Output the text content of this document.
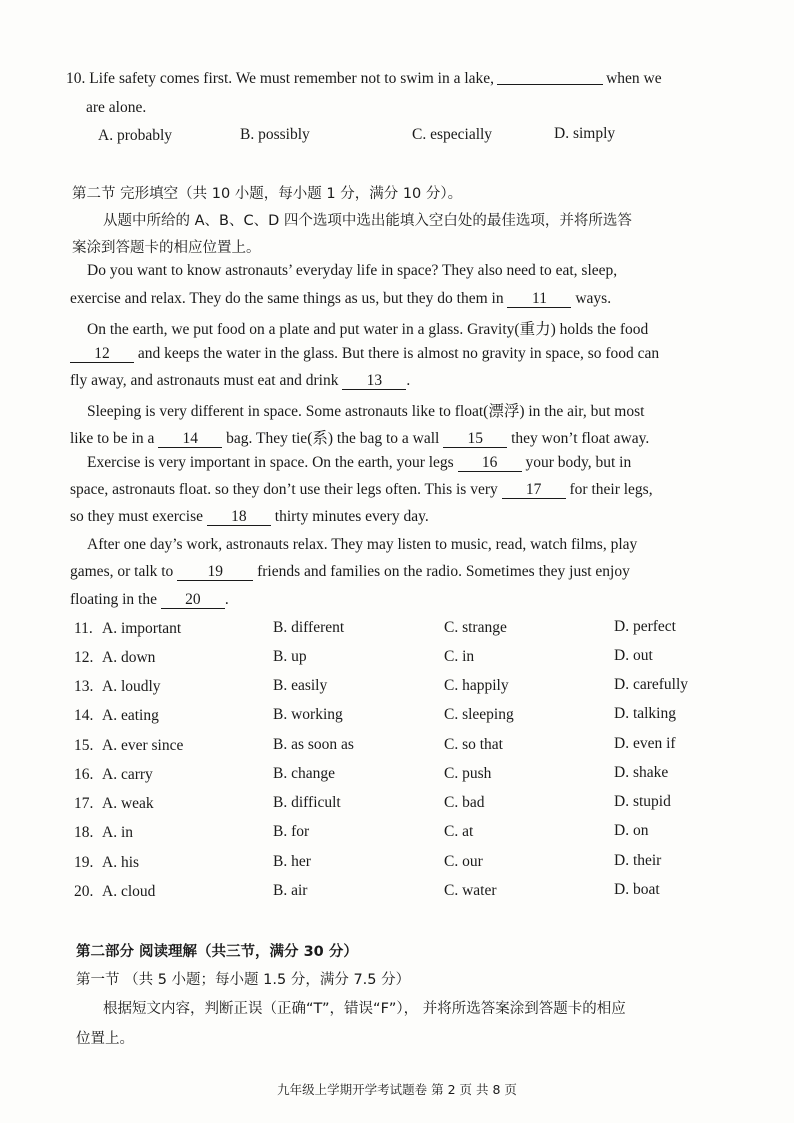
10. Life safety comes first. We must remember not to swim in a lake,	when we
are alone.
A. probably	B. possibly	C. especially	D. simply
第二节 完形填空（共 10 小题，每小题 1 分，满分 10 分）。
从题中所给的 A、B、C、D 四个选项中选出能填入空白处的最佳选项，并将所选答
案涂到答题卡的相应位置上。
Do you want to know astronauts’ everyday life in space? They also need to eat, sleep,
exercise and relax. They do the same things as us, but they do them in 11 ways.
On the earth, we put food on a plate and put water in a glass. Gravity(重力) holds the food
12 and keeps the water in the glass. But there is almost no gravity in space, so food can
fly away, and astronauts must eat and drink 13 .
Sleeping is very different in space. Some astronauts like to float(漂浮) in the air, but most
like to be in a 14 bag. They tie(系) the bag to a wall 15 they won’t float away.
Exercise is very important in space. On the earth, your legs 16 your body, but in
space, astronauts float. so they don’t use their legs often. This is very 17 for their legs,
so they must exercise 18 thirty minutes every day.
After one day’s work, astronauts relax. They may listen to music, read, watch films, play
games, or talk to 19 friends and families on the radio. Sometimes they just enjoy
floating in the 20 .
11. A. important	B. different	C. strange	D. perfect
12. A. down	B. up	C. in	D. out
13. A. loudly	B. easily	C. happily	D. carefully
14. A. eating	B. working	C. sleeping	D. talking
15. A. ever since	B. as soon as	C. so that	D. even if
16. A. carry	B. change	C. push	D. shake
17. A. weak	B. difficult	C. bad	D. stupid
18. A. in	B. for	C. at	D. on
19. A. his	B. her	C. our	D. their
20. A. cloud	B. air	C. water	D. boat
第二部分 阅读理解（共三节，满分 30 分）
第一节 （共 5 小题；每小题 1.5 分，满分 7.5 分）
根据短文内容，判断正误（正确“T”，错误“F”）， 并将所选答案涂到答题卡的相应
位置上。
九年级上学期开学考试题卷 第 2 页 共 8 页
